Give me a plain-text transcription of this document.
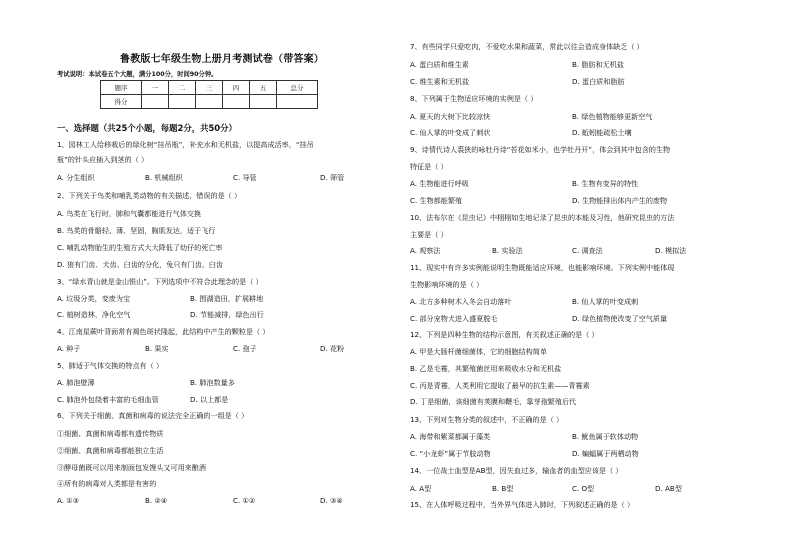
鲁教版七年级生物上册月考测试卷（带答案）
考试说明：本试卷五个大题，满分100分，时间90分钟。
题序	一	二	三	四	五	总分
得分						
一、选择题（共25个小题，每题2分，共50分）
1、园林工人给移栽后的绿化树“挂吊瓶”，补充水和无机盐，以提高成活率，“挂吊
瓶”的针头应插入到茎的（ ）
A. 分生组织	B. 机械组织	C. 导管	D. 筛管
2、下列关于鸟类和哺乳类动物的有关描述，错误的是（ ）
A. 鸟类在飞行时，肺和气囊都能进行气体交换
B. 鸟类的骨骼轻、薄、坚固，胸肌发达，适于飞行
C. 哺乳动物胎生的生殖方式大大降低了幼仔的死亡率
D. 狼有门齿、犬齿、臼齿的分化，兔只有门齿、臼齿
3、“绿水青山就是金山银山”。下列选项中不符合此理念的是（ ）
A. 垃圾分类，变废为宝	B. 围湖造田，扩展耕地
C. 植树造林，净化空气	D. 节能减排，绿色出行
4、江南星蕨叶背面常有褐色斑状隆起，此结构中产生的颗粒是（ ）
A. 种子	B. 果实	C. 孢子	D. 花粉
5、肺适于气体交换的特点有（ ）
A. 肺泡壁薄	B. 肺泡数量多
C. 肺泡外包绕着丰富的毛细血管	D. 以上都是
6、下列关于细菌、真菌和病毒的说法完全正确的一组是（ ）
①细菌、真菌和病毒都有遗传物质
②细菌、真菌和病毒都能独立生活
③酵母菌既可以用来制面包发馒头又可用来酿酒
④所有的病毒对人类都是有害的
A. ①③	B. ②④	C. ①②	D. ③④
7、有些同学只爱吃肉，不爱吃水果和蔬菜，常此以往会造成身体缺乏（ ）
A. 蛋白质和维生素	B. 脂肪和无机盐
C. 维生素和无机盐	D. 蛋白质和脂肪
8、下列属于生物适应环境的实例是（ ）
A. 夏天的大树下比较凉快	B. 绿色植物能够更新空气
C. 仙人掌的叶变成了刺状	D. 蚯蚓能疏松土壤
9、诗情代诗人裘狭的咏牡丹诗“苔花如米小，也学牡丹开”，体会到其中包含的生物
特征是（ ）
A. 生物能进行呼吸	B. 生物有变异的特性
C. 生物都能繁殖	D. 生物能排出体内产生的废物
10、法布尔在《昆虫记》中栩栩如生地记录了昆虫的本能及习性，他研究昆虫的方法
主要是（ ）
A. 观察法	B. 实验法	C. 调查法	D. 模拟法
11、现实中有许多实例能说明生物既能适应环境，也能影响环境。下列实例中能体现
生物影响环境的是（ ）
A. 北方多种树木入冬会自动落叶	B. 仙人掌的叶变成刺
C. 部分宠物犬进入盛夏脱毛	D. 绿色植物使改变了空气质量
12、下列是四种生物的结构示意图，有关叙述正确的是（ ）
A. 甲是大肠杆菌细菌体，它的细胞结构简单
B. 乙是毛霉，其繁殖菌丝用来吸收水分和无机盐
C. 丙是青霉，人类利用它提取了最早的抗生素——青霉素
D. 丁是细菌，该细菌有荚膜和鞭毛，靠芽孢繁殖后代
13、下列对生物分类的叙述中，不正确的是（ ）
A. 海带和紫菜都属于藻类	B. 鱿鱼属于软体动物
C. “小龙虾”属于节肢动物	D. 蝙蝠属于两栖动物
14、一位战士血型是AB型，因失血过多，输血者的血型应该是（ ）
A. A型	B. B型	C. O型	D. AB型
15、在人体呼吸过程中，当外界气体进入肺时，下列叙述正确的是（ ）
